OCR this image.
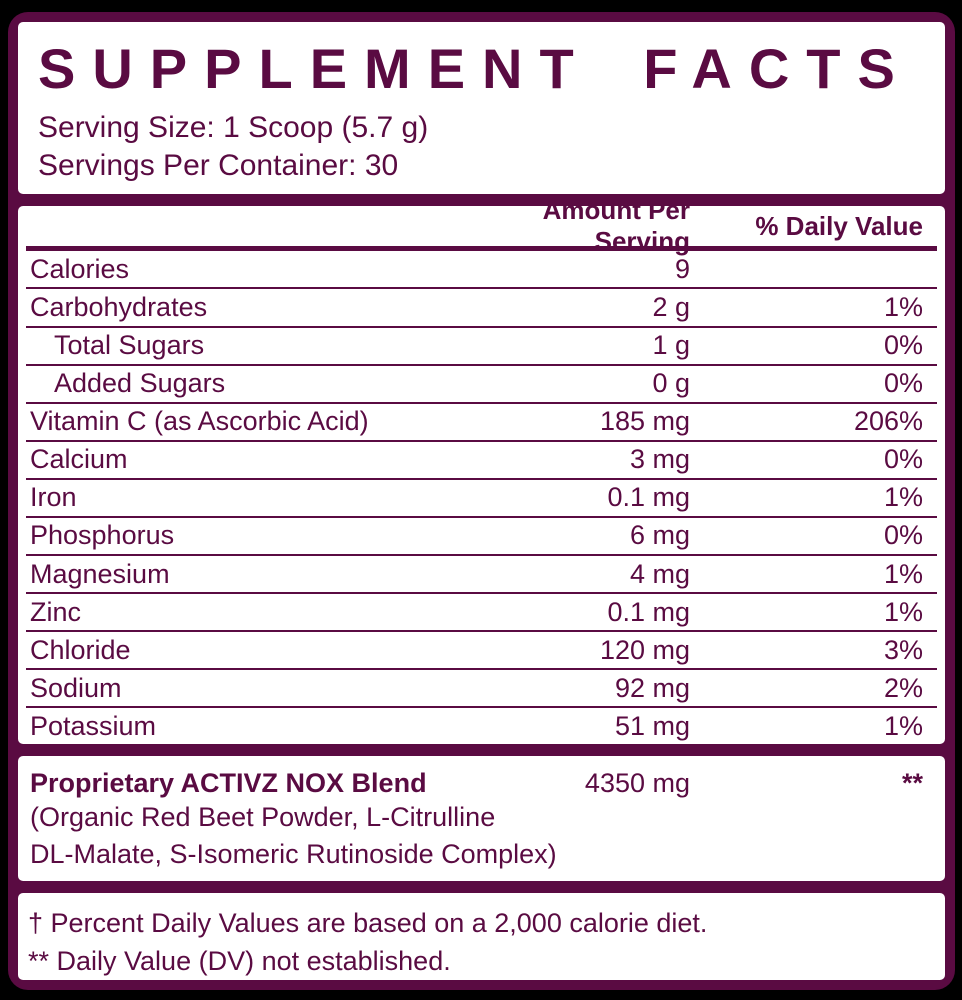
SUPPLEMENT FACTS
Serving Size: 1 Scoop (5.7 g)
Servings Per Container: 30
Amount Per Serving
% Daily Value
Calories	9
Carbohydrates	2 g	1%
Total Sugars	1 g	0%
Added Sugars	0 g	0%
Vitamin C (as Ascorbic Acid)	185 mg	206%
Calcium	3 mg	0%
Iron	0.1 mg	1%
Phosphorus	6 mg	0%
Magnesium	4 mg	1%
Zinc	0.1 mg	1%
Chloride	120 mg	3%
Sodium	92 mg	2%
Potassium	51 mg	1%
Proprietary ACTIVZ NOX Blend	4350 mg	**
(Organic Red Beet Powder, L-Citrulline
DL-Malate, S-Isomeric Rutinoside Complex)
† Percent Daily Values are based on a 2,000 calorie diet.
** Daily Value (DV) not established.
